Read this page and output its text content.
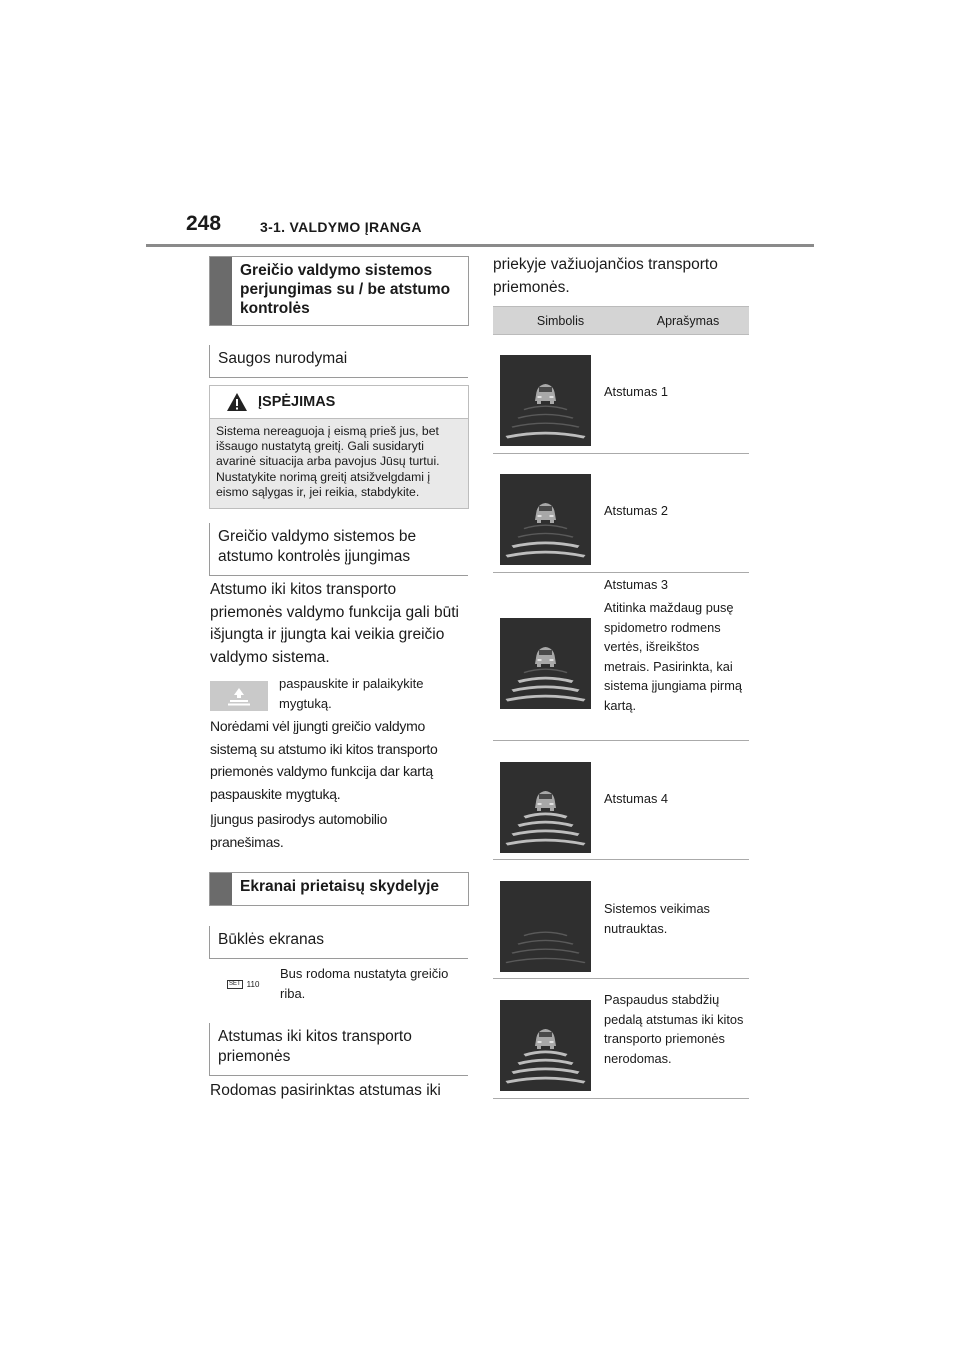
248	3-1. VALDYMO ĮRANGA
Greičio valdymo sistemos perjungimas su / be atstumo kontrolės
Saugos nurodymai
ĮSPĖJIMAS
Sistema nereaguoja į eismą prieš jus, bet išsaugo nustatytą greitį. Gali susidaryti avarinė situacija arba pavojus Jūsų turtui. Nustatykite norimą greitį atsižvelgdami į eismo sąlygas ir, jei reikia, stabdykite.
Greičio valdymo sistemos be atstumo kontrolės įjungimas
Atstumo iki kitos transporto priemonės valdymo funkcija gali būti išjungta ir įjungta kai veikia greičio valdymo sistema.
paspauskite ir palaikykite mygtuką.
Norėdami vėl įjungti greičio valdymo sistemą su atstumo iki kitos transporto priemonės valdymo funkcija dar kartą paspauskite mygtuką.
Įjungus pasirodys automobilio pranešimas.
Ekranai prietaisų skydelyje
Būklės ekranas
SET 110
Bus rodoma nustatyta greičio riba.
Atstumas iki kitos transporto priemonės
Rodomas pasirinktas atstumas iki
priekyje važiuojančios transporto priemonės.
Simbolis	Aprašymas
Atstumas 1
Atstumas 2
Atstumas 3
Atitinka maždaug pusę spidometro rodmens vertės, išreikštos metrais. Pasirinkta, kai sistema įjungiama pirmą kartą.
Atstumas 4
Sistemos veikimas nutrauktas.
Paspaudus stabdžių pedalą atstumas iki kitos transporto priemonės nerodomas.
